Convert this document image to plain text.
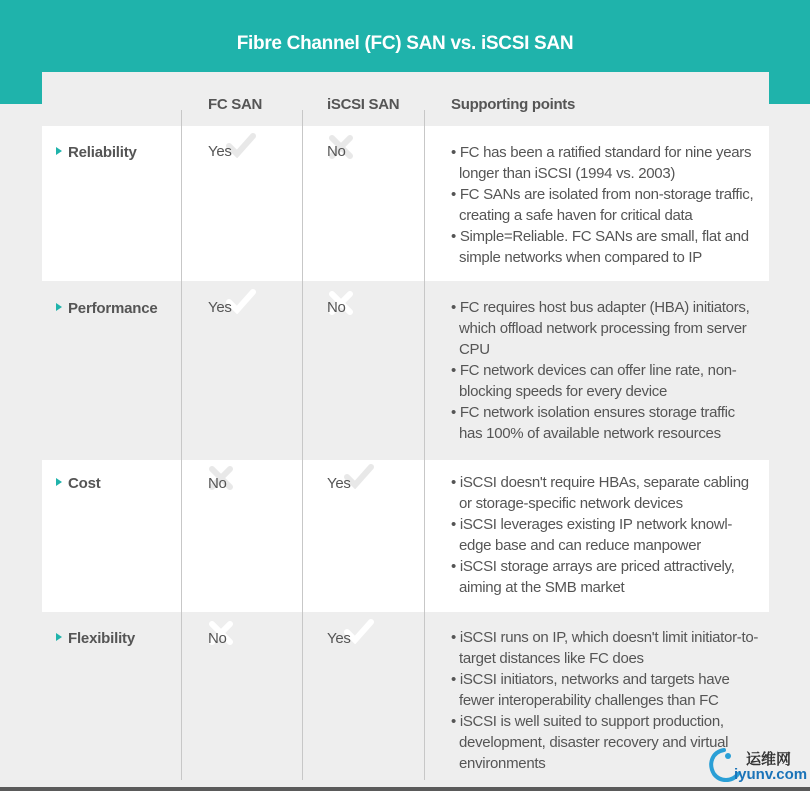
Fibre Channel (FC) SAN vs. iSCSI SAN
FC SAN	iSCSI SAN	Supporting points
Reliability	Yes	No	• FC has been a ratified standard for nine years longer than iSCSI (1994 vs. 2003)
• FC SANs are isolated from non-storage traffic, creating a safe haven for critical data
• Simple=Reliable. FC SANs are small, flat and simple networks when compared to IP
Performance	Yes	No	• FC requires host bus adapter (HBA) initiators, which offload network processing from server CPU
• FC network devices can offer line rate, non-blocking speeds for every device
• FC network isolation ensures storage traffic has 100% of available network resources
Cost	No	Yes	• iSCSI doesn't require HBAs, separate cabling or storage-specific network devices
• iSCSI leverages existing IP network knowl-edge base and can reduce manpower
• iSCSI storage arrays are priced attractively, aiming at the SMB market
Flexibility	No	Yes	• iSCSI runs on IP, which doesn't limit initiator-to-target distances like FC does
• iSCSI initiators, networks and targets have fewer interoperability challenges than FC
• iSCSI is well suited to support production, development, disaster recovery and virtual environments	运维网
iyunv.com
